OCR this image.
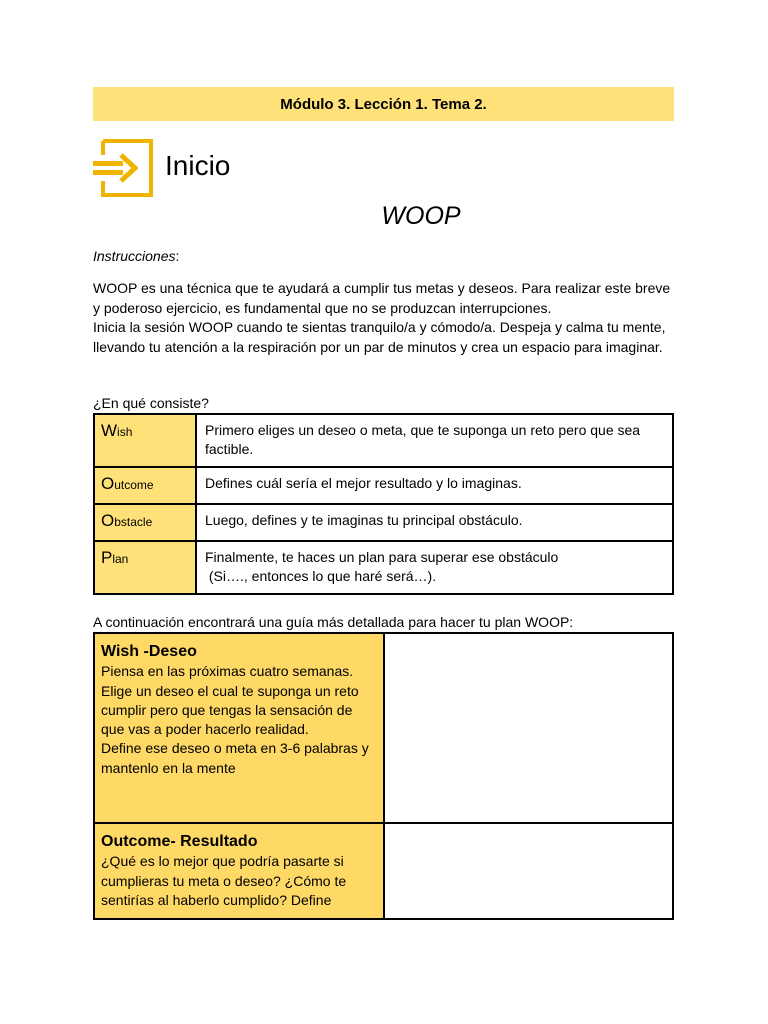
Módulo 3. Lección 1. Tema 2.
Inicio
WOOP
Instrucciones:

WOOP es una técnica que te ayudará a cumplir tus metas y deseos. Para realizar este breve y poderoso ejercicio, es fundamental que no se produzcan interrupciones.

Inicia la sesión WOOP cuando te sientas tranquilo/a y cómodo/a. Despeja y calma tu mente, llevando tu atención a la respiración por un par de minutos y crea un espacio para imaginar.

¿En qué consiste?
Wish	Primero eliges un deseo o meta, que te suponga un reto pero que sea factible.
Outcome	Defines cuál sería el mejor resultado y lo imaginas.
Obstacle	Luego, defines y te imaginas tu principal obstáculo.
Plan	Finalmente, te haces un plan para superar ese obstáculo
(Si…., entonces lo que haré será…).
A continuación encontrará una guía más detallada para hacer tu plan WOOP:
Wish -Deseo
Piensa en las próximas cuatro semanas. Elige un deseo el cual te suponga un reto cumplir pero que tengas la sensación de que vas a poder hacerlo realidad.
Define ese deseo o meta en 3-6 palabras y mantenlo en la mente	

Outcome- Resultado
¿Qué es lo mejor que podría pasarte si cumplieras tu meta o deseo? ¿Cómo te sentirías al haberlo cumplido? Define	
